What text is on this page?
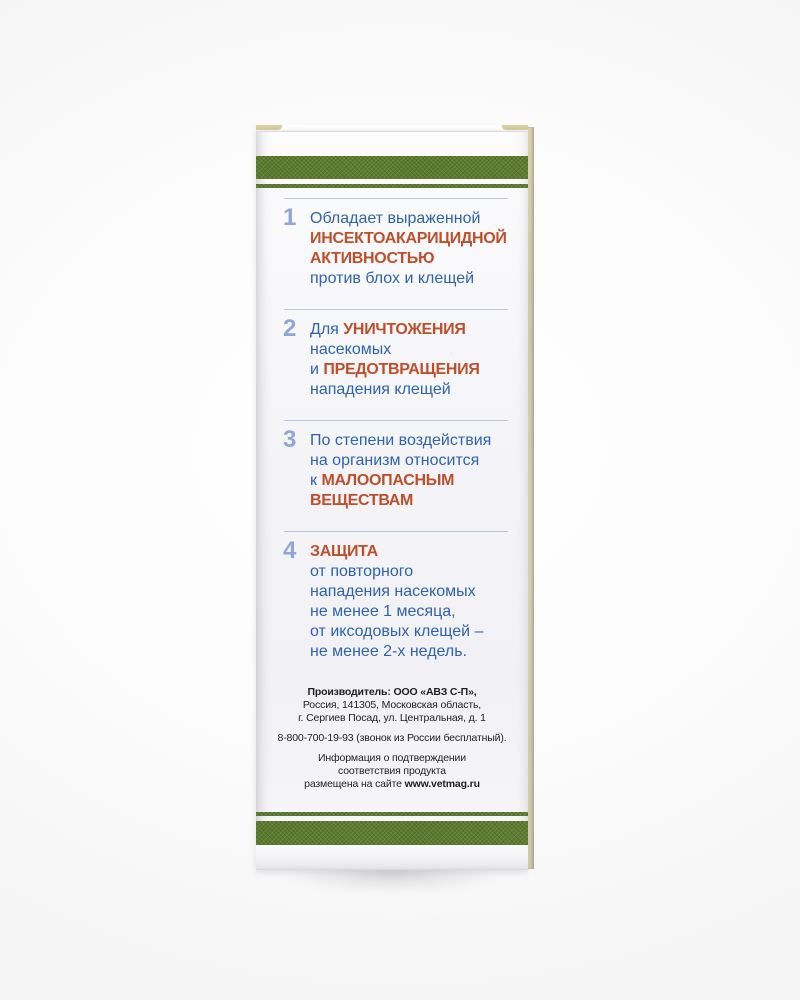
1 Обладает выраженной
ИНСЕКТОАКАРИЦИДНОЙ
АКТИВНОСТЬЮ
против блох и клещей
2 Для УНИЧТОЖЕНИЯ
насекомых
и ПРЕДОТВРАЩЕНИЯ
нападения клещей
3 По степени воздействия
на организм относится
к МАЛООПАСНЫМ
ВЕЩЕСТВАМ
4 ЗАЩИТА
от повторного
нападения насекомых
не менее 1 месяца,
от иксодовых клещей –
не менее 2-х недель.
Производитель: ООО «АВЗ С-П»,
Россия, 141305, Московская область,
г. Сергиев Посад, ул. Центральная, д. 1
8-800-700-19-93 (звонок из России бесплатный).
Информация о подтверждении
соответствия продукта
размещена на сайте www.vetmag.ru
